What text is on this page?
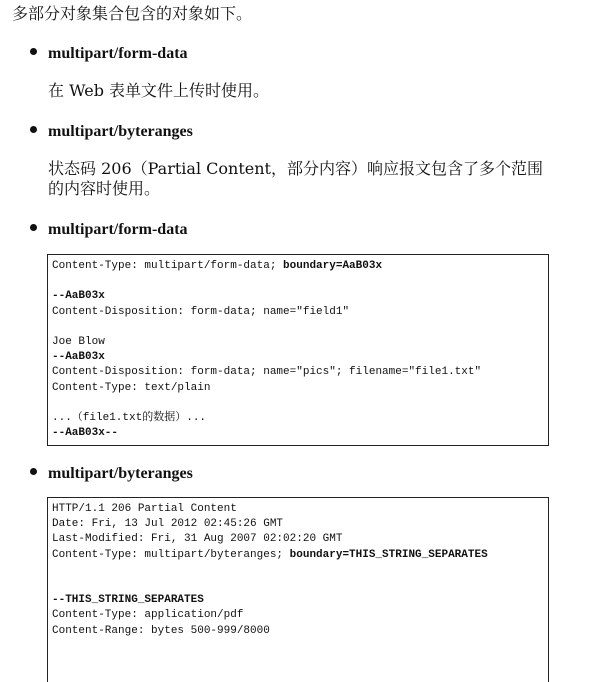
多部分对象集合包含的对象如下。
multipart/form-data
在 Web 表单文件上传时使用。
multipart/byteranges
状态码 206（Partial Content，部分内容）响应报文包含了多个范围的内容时使用。
multipart/form-data
Content-Type: multipart/form-data; boundary=AaB03x
--AaB03x
Content-Disposition: form-data; name="field1"
Joe Blow
--AaB03x
Content-Disposition: form-data; name="pics"; filename="file1.txt"
Content-Type: text/plain
...（file1.txt的数据）...
--AaB03x--
multipart/byteranges
HTTP/1.1 206 Partial Content
Date: Fri, 13 Jul 2012 02:45:26 GMT
Last-Modified: Fri, 31 Aug 2007 02:02:20 GMT
Content-Type: multipart/byteranges; boundary=THIS_STRING_SEPARATES
--THIS_STRING_SEPARATES
Content-Type: application/pdf
Content-Range: bytes 500-999/8000
